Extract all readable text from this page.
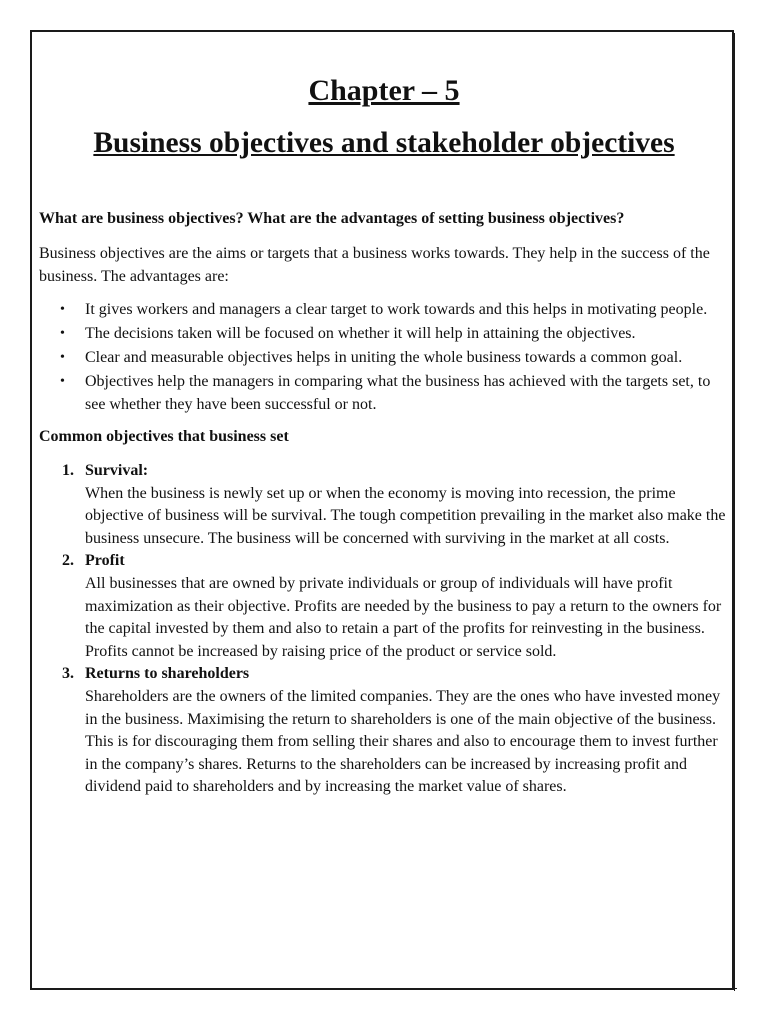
Chapter – 5
Business objectives and stakeholder objectives

What are business objectives? What are the advantages of setting business objectives?

Business objectives are the aims or targets that a business works towards. They help in the success of the business. The advantages are:

• It gives workers and managers a clear target to work towards and this helps in motivating people.
• The decisions taken will be focused on whether it will help in attaining the objectives.
• Clear and measurable objectives helps in uniting the whole business towards a common goal.
• Objectives help the managers in comparing what the business has achieved with the targets set, to see whether they have been successful or not.

Common objectives that business set

1. Survival:
When the business is newly set up or when the economy is moving into recession, the prime objective of business will be survival. The tough competition prevailing in the market also make the business unsecure. The business will be concerned with surviving in the market at all costs.
2. Profit
All businesses that are owned by private individuals or group of individuals will have profit maximization as their objective. Profits are needed by the business to pay a return to the owners for the capital invested by them and also to retain a part of the profits for reinvesting in the business. Profits cannot be increased by raising price of the product or service sold.
3. Returns to shareholders
Shareholders are the owners of the limited companies. They are the ones who have invested money in the business. Maximising the return to shareholders is one of the main objective of the business. This is for discouraging them from selling their shares and also to encourage them to invest further in the company’s shares. Returns to the shareholders can be increased by increasing profit and dividend paid to shareholders and by increasing the market value of shares.
